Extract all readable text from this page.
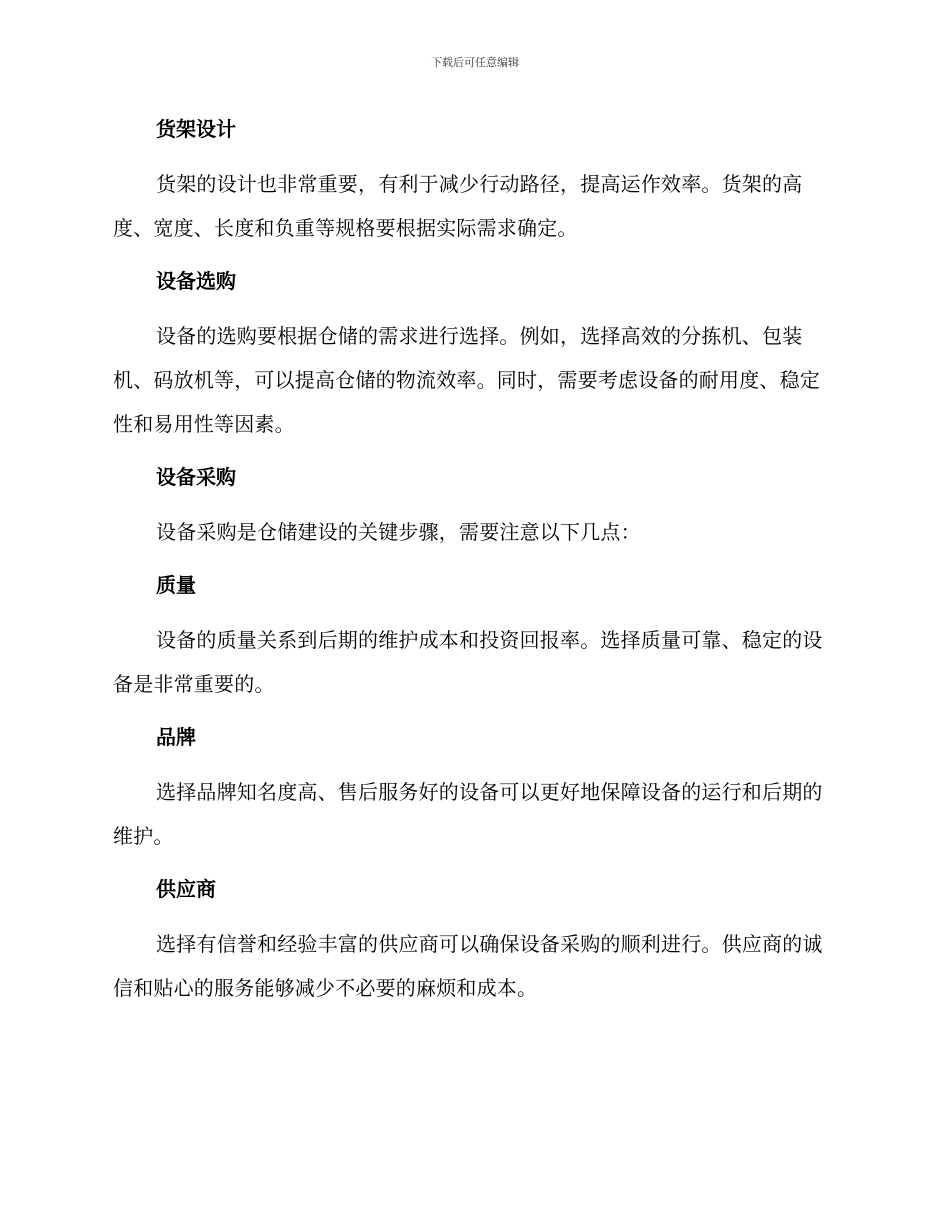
下载后可任意编辑
货架设计

货架的设计也非常重要，有利于减少行动路径，提高运作效率。货架的高度、宽度、长度和负重等规格要根据实际需求确定。

设备选购

设备的选购要根据仓储的需求进行选择。例如，选择高效的分拣机、包装机、码放机等，可以提高仓储的物流效率。同时，需要考虑设备的耐用度、稳定性和易用性等因素。

设备采购

设备采购是仓储建设的关键步骤，需要注意以下几点：

质量

设备的质量关系到后期的维护成本和投资回报率。选择质量可靠、稳定的设备是非常重要的。

品牌

选择品牌知名度高、售后服务好的设备可以更好地保障设备的运行和后期的维护。

供应商

选择有信誉和经验丰富的供应商可以确保设备采购的顺利进行。供应商的诚信和贴心的服务能够减少不必要的麻烦和成本。
